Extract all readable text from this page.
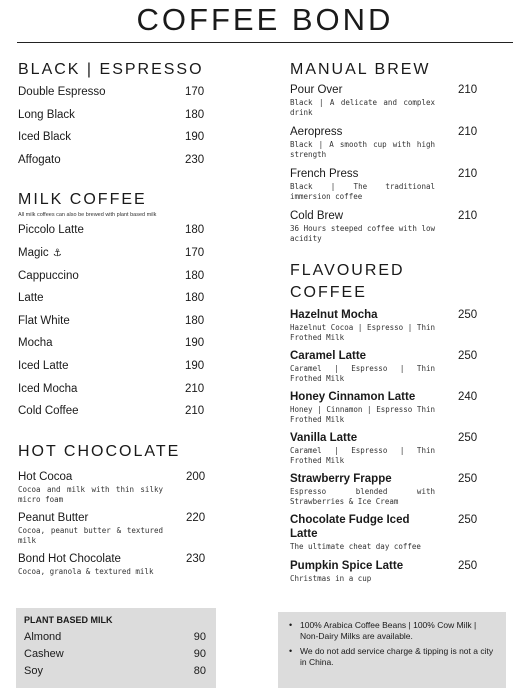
COFFEE BOND
BLACK | ESPRESSO
Double Espresso	170
Long Black	180
Iced Black	190
Affogato	230
MILK COFFEE
All milk coffees can also be brewed with plant based milk
Piccolo Latte	180
Magic ⚓	170
Cappuccino	180
Latte	180
Flat White	180
Mocha	190
Iced Latte	190
Iced Mocha	210
Cold Coffee	210
HOT CHOCOLATE
Hot Cocoa	200
Cocoa and milk with thin silky micro foam
Peanut Butter	220
Cocoa, peanut butter & textured milk
Bond Hot Chocolate	230
Cocoa, granola & textured milk
MANUAL BREW
Pour Over	210
Black | A delicate and complex drink
Aeropress	210
Black | A smooth cup with high strength
French Press	210
Black | The traditional immersion coffee
Cold Brew	210
36 Hours steeped coffee with low acidity
FLAVOURED
COFFEE
Hazelnut Mocha	250
Hazelnut Cocoa | Espresso | Thin Frothed Milk
Caramel Latte	250
Caramel | Espresso | Thin Frothed Milk
Honey Cinnamon Latte	240
Honey | Cinnamon | Espresso Thin Frothed Milk
Vanilla Latte	250
Caramel | Espresso | Thin Frothed Milk
Strawberry Frappe	250
Espresso blended with Strawberries & Ice Cream
Chocolate Fudge Iced Latte
250
The ultimate cheat day coffee
Pumpkin Spice Latte	250
Christmas in a cup
PLANT BASED MILK
Almond	90
Cashew	90
Soy	80
• 100% Arabica Coffee Beans | 100% Cow Milk | Non-Dairy Milks are available.
• We do not add service charge & tipping is not a city in China.
